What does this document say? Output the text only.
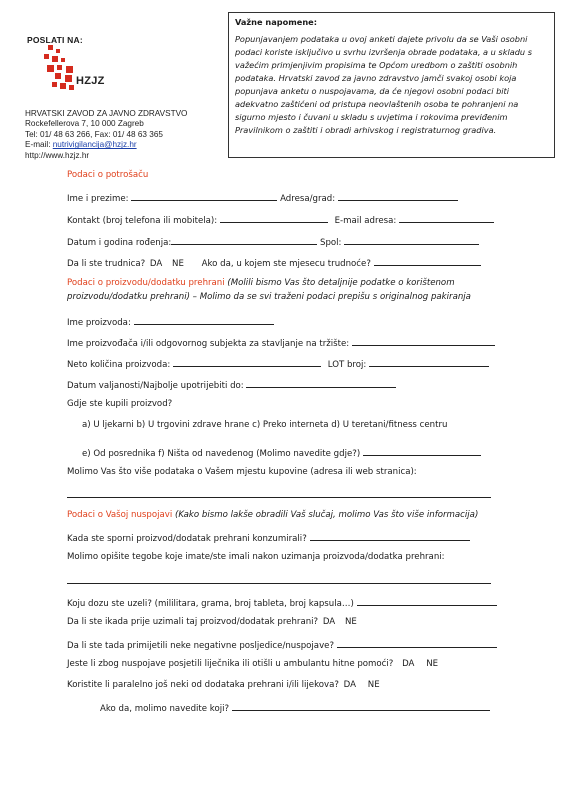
POSLATI NA:
HZJZ
HRVATSKI ZAVOD ZA JAVNO ZDRAVSTVO
Rockefellerova 7, 10 000 Zagreb
Tel: 01/ 48 63 266, Fax: 01/ 48 63 365
E-mail: nutrivigilancija@hzjz.hr
http://www.hzjz.hr
Važne napomene:
Popunjavanjem podataka u ovoj anketi dajete privolu da se Vaši osobni podaci koriste isključivo u svrhu izvršenja obrade podataka, a u skladu s važećim primjenjivim propisima te Općom uredbom o zaštiti osobnih podataka. Hrvatski zavod za javno zdravstvo jamči svakoj osobi koja popunjava anketu o nuspojavama, da će njegovi osobni podaci biti adekvatno zaštićeni od pristupa neovlaštenih osoba te pohranjeni na sigurno mjesto i čuvani u skladu s uvjetima i rokovima previđenim Pravilnikom o zaštiti i obradi arhivskog i registraturnog gradiva.
Podaci o potrošaču
Ime i prezime:	Adresa/grad:
Kontakt (broj telefona ili mobitela):	E-mail adresa:
Datum i godina rođenja:	Spol:
Da li ste trudnica? DA NE Ako da, u kojem ste mjesecu trudnoće?
Podaci o proizvodu/dodatku prehrani (Molili bismo Vas što detaljnije podatke o korištenom
proizvodu/dodatku prehrani) – Molimo da se svi traženi podaci prepišu s originalnog pakiranja
Ime proizvoda:
Ime proizvođača i/ili odgovornog subjekta za stavljanje na tržište:
Neto količina proizvoda:	LOT broj:
Datum valjanosti/Najbolje upotrijebiti do:
Gdje ste kupili proizvod?
a) U ljekarni b) U trgovini zdrave hrane c) Preko interneta d) U teretani/fitness centru
e) Od posrednika f) Ništa od navedenog (Molimo navedite gdje?)
Molimo Vas što više podataka o Vašem mjestu kupovine (adresa ili web stranica):
Podaci o Vašoj nuspojavi (Kako bismo lakše obradili Vaš slučaj, molimo Vas što više informacija)
Kada ste sporni proizvod/dodatak prehrani konzumirali?
Molimo opišite tegobe koje imate/ste imali nakon uzimanja proizvoda/dodatka prehrani:
Koju dozu ste uzeli? (mililitara, grama, broj tableta, broj kapsula…)
Da li ste ikada prije uzimali taj proizvod/dodatak prehrani? DA NE
Da li ste tada primijetili neke negativne posljedice/nuspojave?
Jeste li zbog nuspojave posjetili liječnika ili otišli u ambulantu hitne pomoći? DA NE
Koristite li paralelno još neki od dodataka prehrani i/ili lijekova? DA NE
Ako da, molimo navedite koji?
